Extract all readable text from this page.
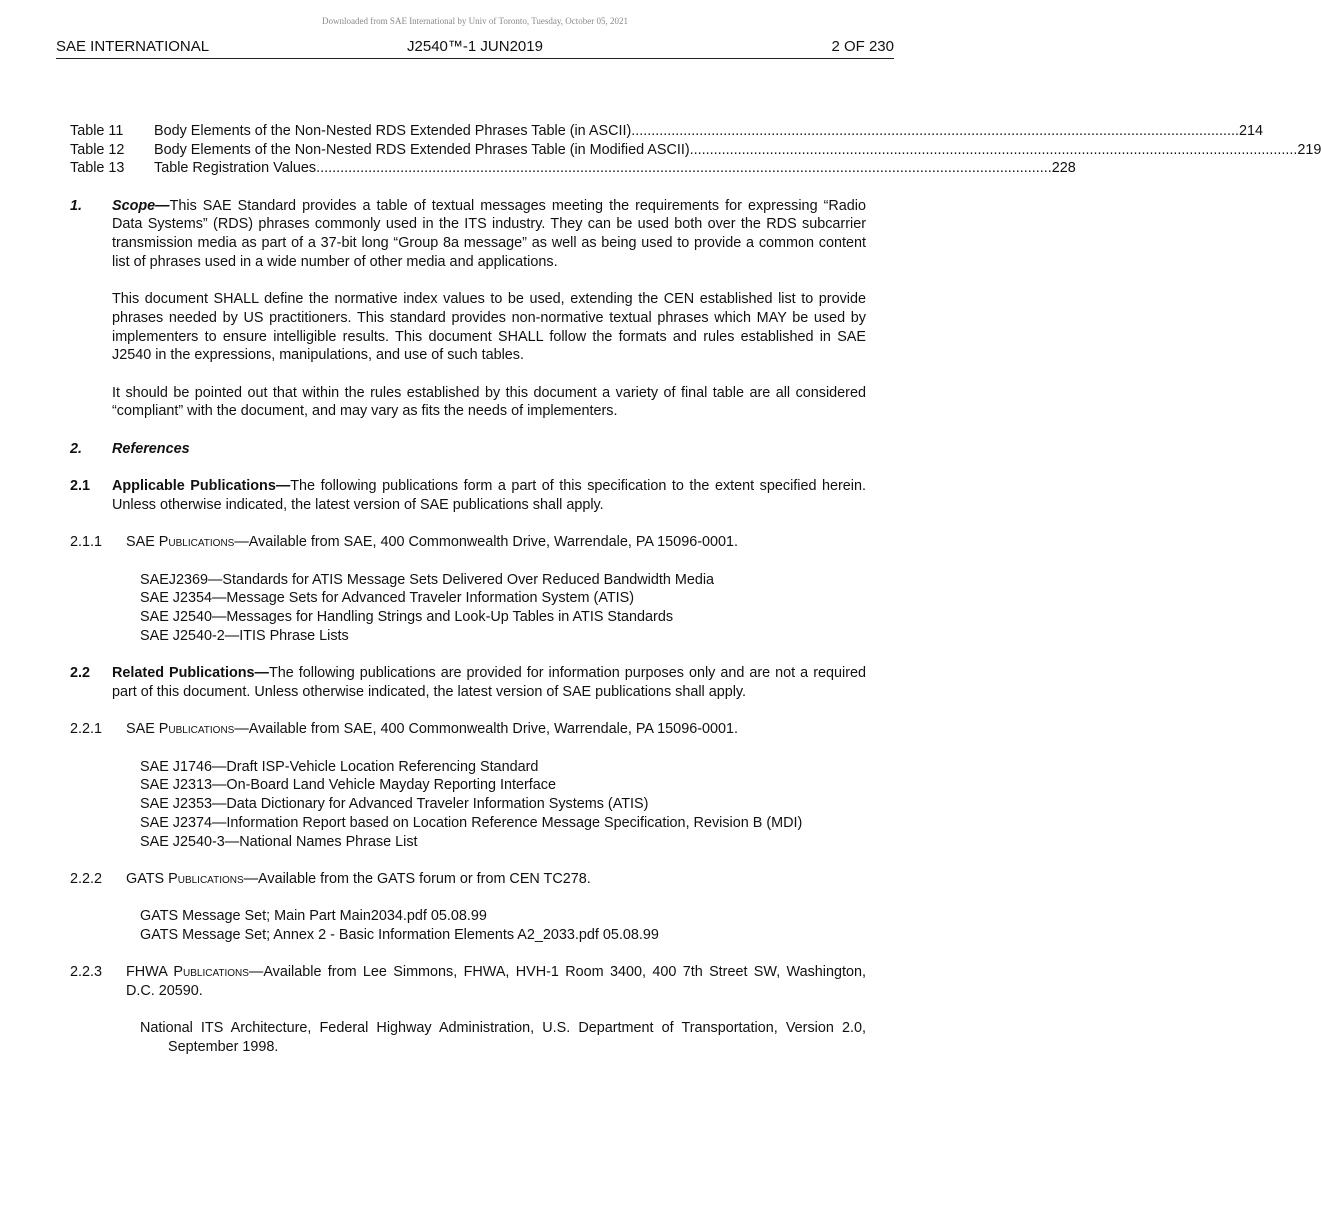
Downloaded from SAE International by Univ of Toronto, Tuesday, October 05, 2021
SAE INTERNATIONAL	J2540™-1 JUN2019	2 OF 230
Table 11	Body Elements of the Non-Nested RDS Extended Phrases Table (in ASCII) ........................................................................................................................................................ 214
Table 12	Body Elements of the Non-Nested RDS Extended Phrases Table (in Modified ASCII) ........................................................................................................................................................ 219
Table 13	Table Registration Values ........................................................................................................................................................................................ 228
1.	Scope—This SAE Standard provides a table of textual messages meeting the requirements for expressing “Radio Data Systems” (RDS) phrases commonly used in the ITS industry. They can be used both over the RDS subcarrier transmission media as part of a 37-bit long “Group 8a message” as well as being used to provide a common content list of phrases used in a wide number of other media and applications.
This document SHALL define the normative index values to be used, extending the CEN established list to provide phrases needed by US practitioners. This standard provides non-normative textual phrases which MAY be used by implementers to ensure intelligible results. This document SHALL follow the formats and rules established in SAE J2540 in the expressions, manipulations, and use of such tables.
It should be pointed out that within the rules established by this document a variety of final table are all considered “compliant” with the document, and may vary as fits the needs of implementers.
2.	References
2.1	Applicable Publications—The following publications form a part of this specification to the extent specified herein. Unless otherwise indicated, the latest version of SAE publications shall apply.
2.1.1	SAE Publications—Available from SAE, 400 Commonwealth Drive, Warrendale, PA 15096-0001.
SAEJ2369—Standards for ATIS Message Sets Delivered Over Reduced Bandwidth Media
SAE J2354—Message Sets for Advanced Traveler Information System (ATIS)
SAE J2540—Messages for Handling Strings and Look-Up Tables in ATIS Standards
SAE J2540-2—ITIS Phrase Lists
2.2	Related Publications—The following publications are provided for information purposes only and are not a required part of this document. Unless otherwise indicated, the latest version of SAE publications shall apply.
2.2.1	SAE Publications—Available from SAE, 400 Commonwealth Drive, Warrendale, PA 15096-0001.
SAE J1746—Draft ISP-Vehicle Location Referencing Standard
SAE J2313—On-Board Land Vehicle Mayday Reporting Interface
SAE J2353—Data Dictionary for Advanced Traveler Information Systems (ATIS)
SAE J2374—Information Report based on Location Reference Message Specification, Revision B (MDI)
SAE J2540-3—National Names Phrase List
2.2.2	GATS Publications—Available from the GATS forum or from CEN TC278.
GATS Message Set; Main Part Main2034.pdf 05.08.99
GATS Message Set; Annex 2 - Basic Information Elements A2_2033.pdf 05.08.99
2.2.3	FHWA Publications—Available from Lee Simmons, FHWA, HVH-1 Room 3400, 400 7th Street SW, Washington, D.C. 20590.
National ITS Architecture, Federal Highway Administration, U.S. Department of Transportation, Version 2.0, September 1998.
